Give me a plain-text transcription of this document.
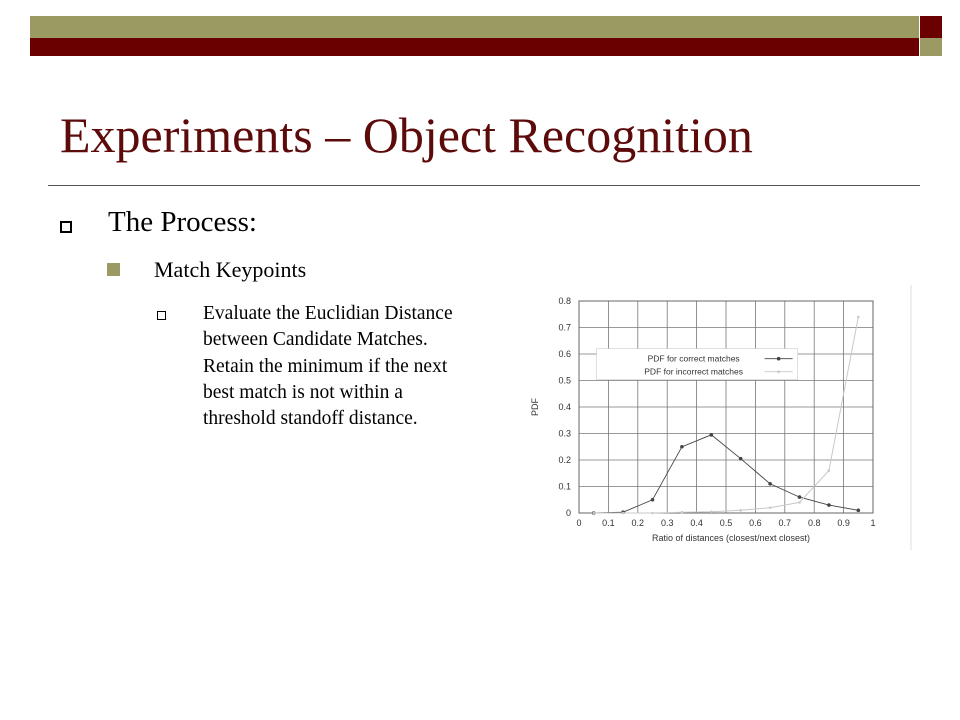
Experiments – Object Recognition
The Process:
Match Keypoints
Evaluate the Euclidian Distance between Candidate Matches. Retain the minimum if the next best match is not within a threshold standoff distance.
0
0.1
0.2
0.3
0.4
0.5
0.6
0.7
0.8
0 0.1 0.2 0.3 0.4 0.5 0.6 0.7 0.8 0.9 1
PDF for correct matches
PDF for incorrect matches
PDF
Ratio of distances (closest/next closest)
